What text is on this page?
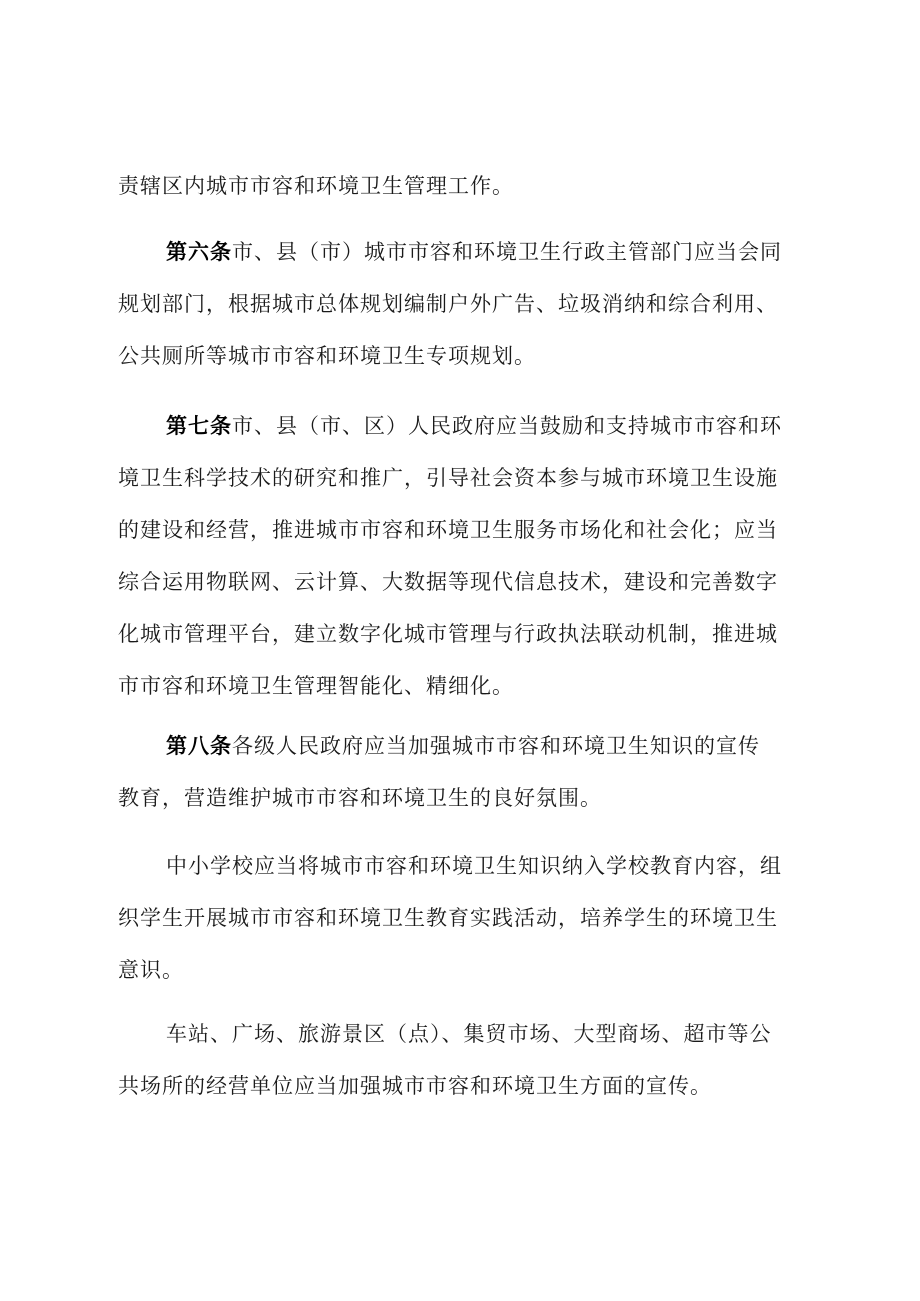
责辖区内城市市容和环境卫生管理工作。
第六条市、县（市）城市市容和环境卫生行政主管部门应当会同
规划部门，根据城市总体规划编制户外广告、垃圾消纳和综合利用、
公共厕所等城市市容和环境卫生专项规划。
第七条市、县（市、区）人民政府应当鼓励和支持城市市容和环
境卫生科学技术的研究和推广，引导社会资本参与城市环境卫生设施
的建设和经营，推进城市市容和环境卫生服务市场化和社会化；应当
综合运用物联网、云计算、大数据等现代信息技术，建设和完善数字
化城市管理平台，建立数字化城市管理与行政执法联动机制，推进城
市市容和环境卫生管理智能化、精细化。
第八条各级人民政府应当加强城市市容和环境卫生知识的宣传
教育，营造维护城市市容和环境卫生的良好氛围。
中小学校应当将城市市容和环境卫生知识纳入学校教育内容，组
织学生开展城市市容和环境卫生教育实践活动，培养学生的环境卫生
意识。
车站、广场、旅游景区（点）、集贸市场、大型商场、超市等公
共场所的经营单位应当加强城市市容和环境卫生方面的宣传。
